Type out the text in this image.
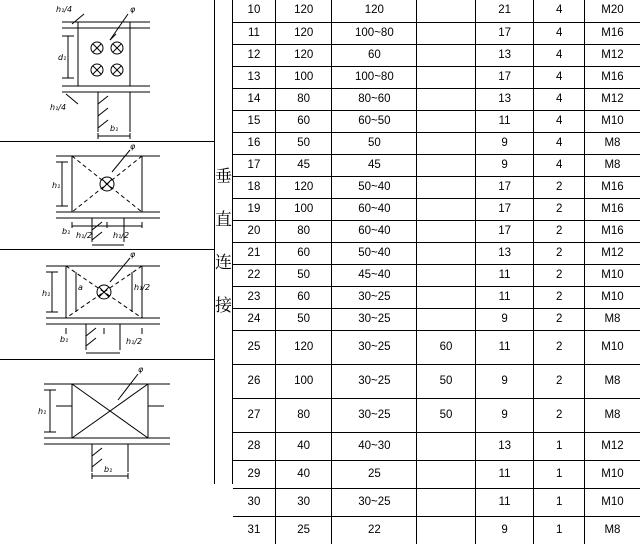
h₁/4
h₁/4
φ
d₁
b₁
φ
h₁
h₁/2	h₁/2
b₁
φ
h₁
a	h₁/2
b₁	h₁/2
φ
h₁
b₁
垂
直
连
接
10	120	120		21	4	M20
11	120	100~80		17	4	M16
12	120	60		13	4	M12
13	100	100~80		17	4	M16
14	80	80~60		13	4	M12
15	60	60~50		11	4	M10
16	50	50		9	4	M8
17	45	45		9	4	M8
18	120	50~40		17	2	M16
19	100	60~40		17	2	M16
20	80	60~40		17	2	M16
21	60	50~40		13	2	M12
22	50	45~40		11	2	M10
23	60	30~25		11	2	M10
24	50	30~25		9	2	M8
25	120	30~25	60	11	2	M10
26	100	30~25	50	9	2	M8
27	80	30~25	50	9	2	M8
28	40	40~30		13	1	M12
29	40	25		11	1	M10
30	30	30~25		11	1	M10
31	25	22		9	1	M8
